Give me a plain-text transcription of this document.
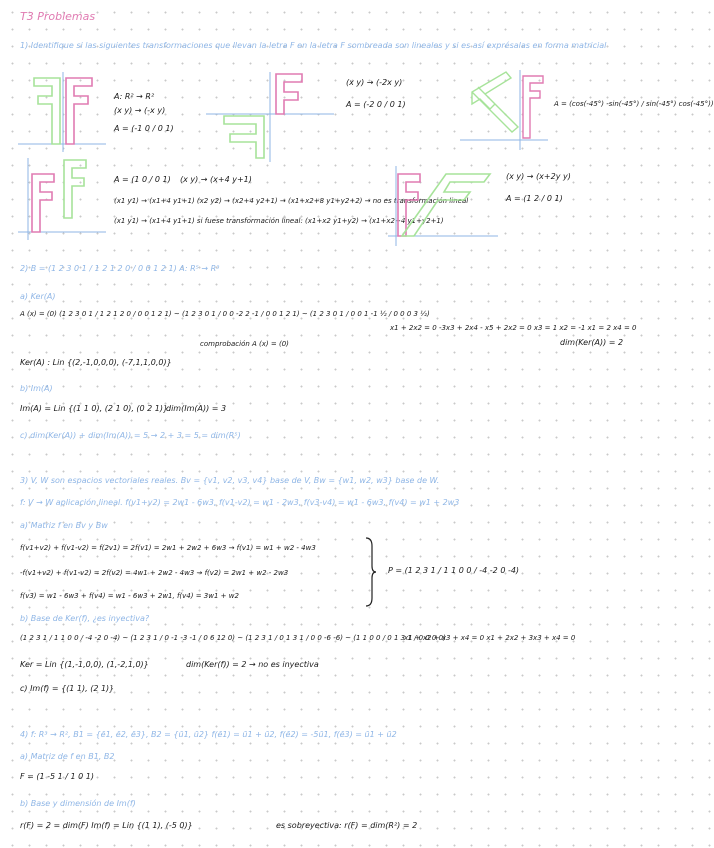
T3 Problemas
1) Identifique si las siguientes transformaciones que llevan la letra F en la letra F sombreada son lineales y si es así exprésalas en forma matricial
A: R² → R²
(x y) → (-x y)
A = (-1 0 / 0 1)
(x y) → (-2x y)
A = (-2 0 / 0 1)	A = (cos(-45°) -sin(-45°) / sin(-45°) cos(-45°))
A = (1 0 / 0 1) (x y) → (x+4 y+1)
(x1 y1) → (x1+4 y1+1) (x2 y2) → (x2+4 y2+1) → (x1+x2+8 y1+y2+2) → no es transformación lineal
(x1 y1) → (x1+4 y1+1) si fuese transformación lineal: (x1+x2 y1+y2) → (x1+x2+4 y1+y2+1)
(x y) → (x+2y y)
A = (1 2 / 0 1)
2) B = (1 2 3 0 1 / 1 2 1 2 0 / 0 0 1 2 1) A: R⁵ → R³
a) Ker(A)
A (x) = (0) (1 2 3 0 1 / 1 2 1 2 0 / 0 0 1 2 1) ~ (1 2 3 0 1 / 0 0 -2 2 -1 / 0 0 1 2 1) ~ (1 2 3 0 1 / 0 0 1 -1 ½ / 0 0 0 3 ½)
x1 + 2x2 = 0 -3x3 + 2x4 - x5 + 2x2 = 0 x3 = 1 x2 = -1 x1 = 2 x4 = 0
comprobación A (x) = (0)	dim(Ker(A)) = 2
Ker(A) : Lin {(2,-1,0,0,0), (-7,1,1,0,0)}
b) Im(A)
Im(A) = Lin {(1 1 0), (2 1 0), (0 2 1)}
dim(Im(A)) = 3
c) dim(Ker(A)) + dim(Im(A)) = 5 → 2 + 3 = 5 = dim(R⁵)
3) V, W son espacios vectoriales reales. Bv = {v1, v2, v3, v4} base de V, Bw = {w1, w2, w3} base de W.
f: V → W aplicación lineal. f(v1+v2) = 2w1 - 6w3, f(v1-v2) = w1 - 2w3, f(v3-v4) = w1 - 6w3, f(v4) = w1 + 2w3
a) Matriz f en Bv y Bw
f(v1+v2) + f(v1-v2) = f(2v1) = 2f(v1) = 2w1 + 2w2 + 6w3 → f(v1) = w1 + w2 - 4w3
-f(v1+v2) + f(v1-v2) = 2f(v2) = 4w1 + 2w2 - 4w3 → f(v2) = 2w1 + w2 - 2w3
f(v3) = w1 - 6w3 + f(v4) = w1 - 6w3 + 2w1, f(v4) = 3w1 + w2
P = (1 2 3 1 / 1 1 0 0 / -4 -2 0 -4)
b) Base de Ker(f), ¿es inyectiva?
(1 2 3 1 / 1 1 0 0 / -4 -2 0 -4) ~ (1 2 3 1 / 0 -1 -3 -1 / 0 6 12 0) ~ (1 2 3 1 / 0 1 3 1 / 0 0 -6 -6) ~ (1 1 0 0 / 0 1 3 1 / 0 0 0 0)
x1 + x2 + x3 + x4 = 0 x1 + 2x2 + 3x3 + x4 = 0
Ker = Lin {(1,-1,0,0), (1,-2,1,0)}	dim(Ker(f)) = 2 → no es inyectiva
c) Im(f) = {(1 1), (2 1)}
4) f: R³ → R², B1 = {ē1, ē2, ē3}, B2 = {ū1, ū2} f(ē1) = ū1 + ū2, f(ē2) = -5ū1, f(ē3) = ū1 + ū2
a) Matriz de f en B1, B2
F = (1 -5 1 / 1 0 1)
b) Base y dimensión de Im(f)
r(F) = 2 = dim(F) Im(f) = Lin {(1 1), (-5 0)}	es sobreyectiva: r(F) = dim(R²) = 2
